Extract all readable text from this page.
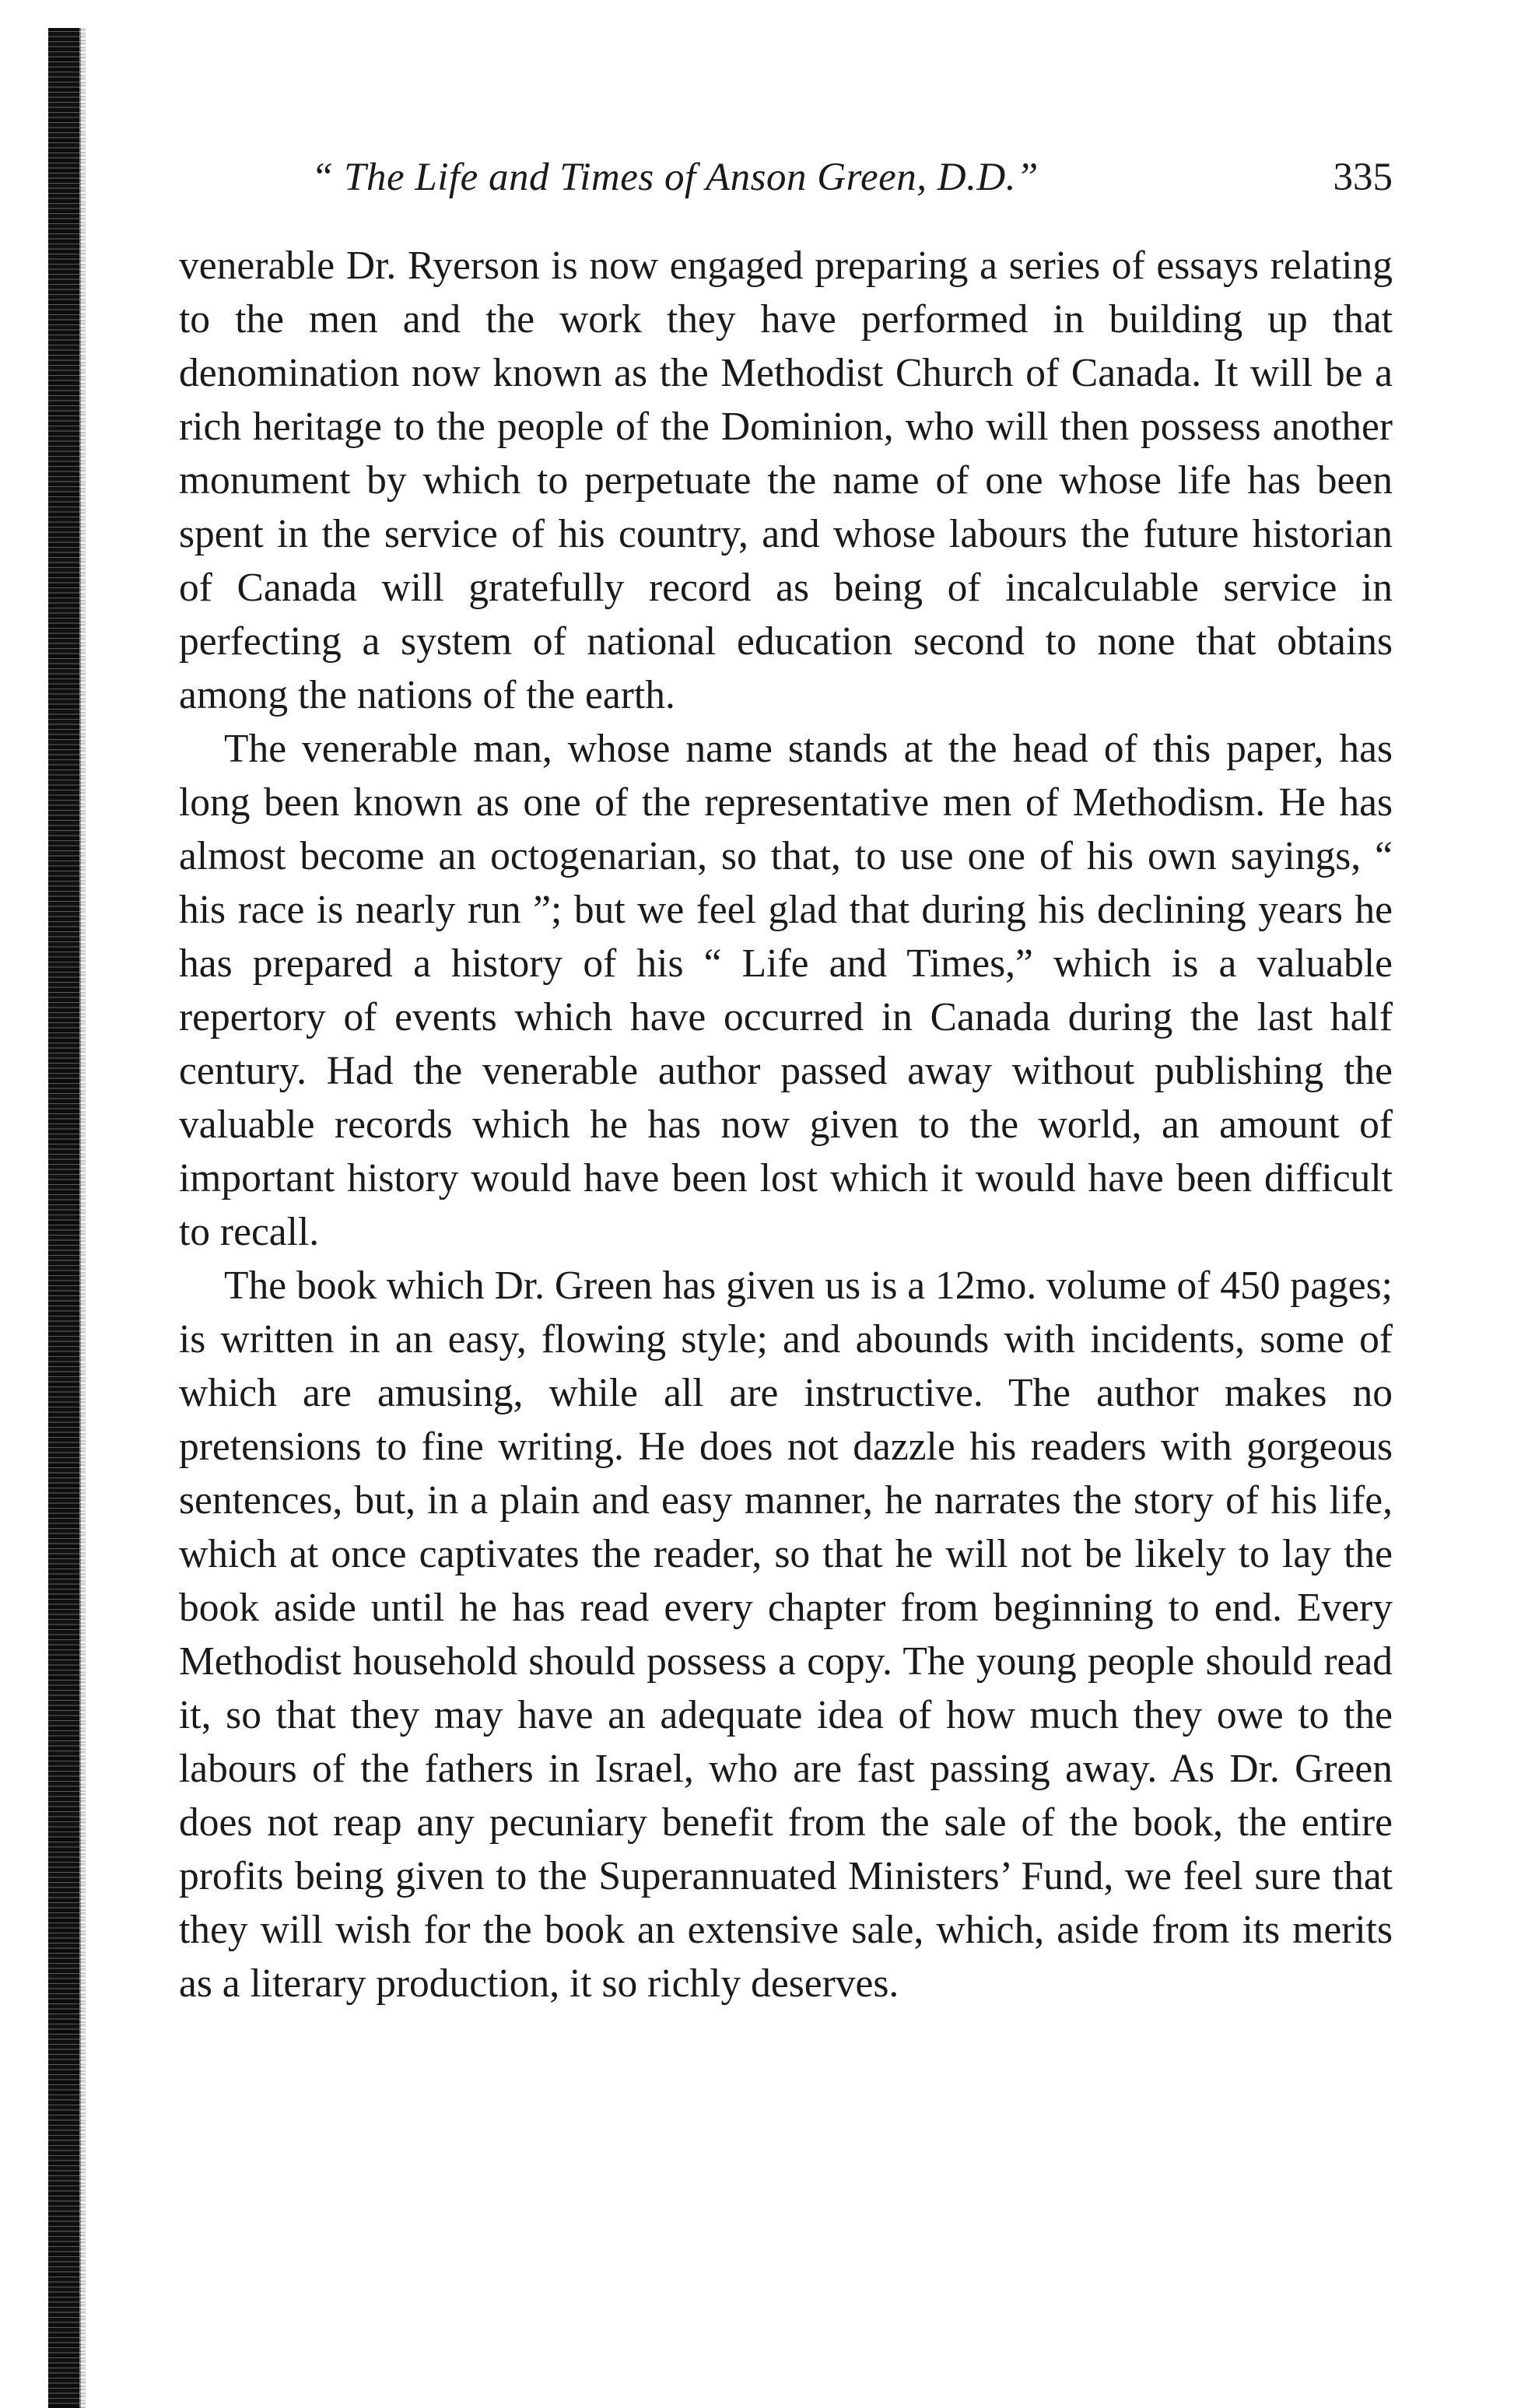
“ The Life and Times of Anson Green, D.D.”	335

venerable Dr. Ryerson is now engaged preparing a series of essays relating to the men and the work they have performed in building up that denomination now known as the Methodist Church of Canada. It will be a rich heritage to the people of the Dominion, who will then possess another monument by which to perpetuate the name of one whose life has been spent in the service of his country, and whose labours the future historian of Canada will gratefully record as being of incalculable service in perfecting a system of national education second to none that obtains among the nations of the earth.

The venerable man, whose name stands at the head of this paper, has long been known as one of the representative men of Methodism. He has almost become an octogenarian, so that, to use one of his own sayings, “ his race is nearly run ”; but we feel glad that during his declining years he has prepared a history of his “ Life and Times,” which is a valuable repertory of events which have occurred in Canada during the last half century. Had the venerable author passed away without publishing the valuable records which he has now given to the world, an amount of important history would have been lost which it would have been difficult to recall.

The book which Dr. Green has given us is a 12mo. volume of 450 pages; is written in an easy, flowing style; and abounds with incidents, some of which are amusing, while all are instructive. The author makes no pretensions to fine writing. He does not dazzle his readers with gorgeous sentences, but, in a plain and easy manner, he narrates the story of his life, which at once captivates the reader, so that he will not be likely to lay the book aside until he has read every chapter from beginning to end. Every Methodist household should possess a copy. The young people should read it, so that they may have an adequate idea of how much they owe to the labours of the fathers in Israel, who are fast passing away. As Dr. Green does not reap any pecuniary benefit from the sale of the book, the entire profits being given to the Superannuated Ministers’ Fund, we feel sure that they will wish for the book an extensive sale, which, aside from its merits as a literary production, it so richly deserves.
